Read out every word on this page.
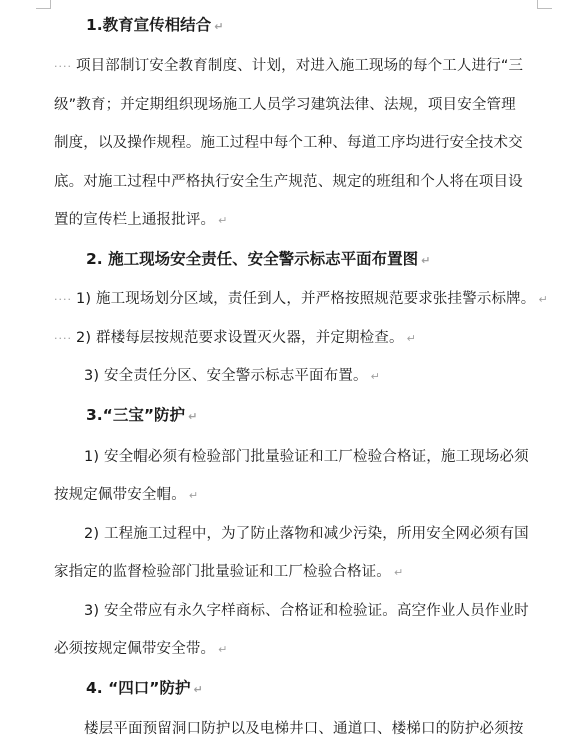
1.教育宣传相结合 ↵
···· 项目部制订安全教育制度、计划，对进入施工现场的每个工人进行“三
级”教育；并定期组织现场施工人员学习建筑法律、法规，项目安全管理
制度，以及操作规程。施工过程中每个工种、每道工序均进行安全技术交
底。对施工过程中严格执行安全生产规范、规定的班组和个人将在项目设
置的宣传栏上通报批评。 ↵
2. 施工现场安全责任、安全警示标志平面布置图 ↵
···· 1) 施工现场划分区域，责任到人，并严格按照规范要求张挂警示标牌。 ↵
···· 2) 群楼每层按规范要求设置灭火器，并定期检查。 ↵
3) 安全责任分区、安全警示标志平面布置。 ↵
3.“三宝”防护 ↵
1) 安全帽必须有检验部门批量验证和工厂检验合格证，施工现场必须
按规定佩带安全帽。 ↵
2) 工程施工过程中，为了防止落物和减少污染，所用安全网必须有国
家指定的监督检验部门批量验证和工厂检验合格证。 ↵
3) 安全带应有永久字样商标、合格证和检验证。高空作业人员作业时
必须按规定佩带安全带。 ↵
4. “四口”防护 ↵
楼层平面预留洞口防护以及电梯井口、通道口、楼梯口的防护必须按
